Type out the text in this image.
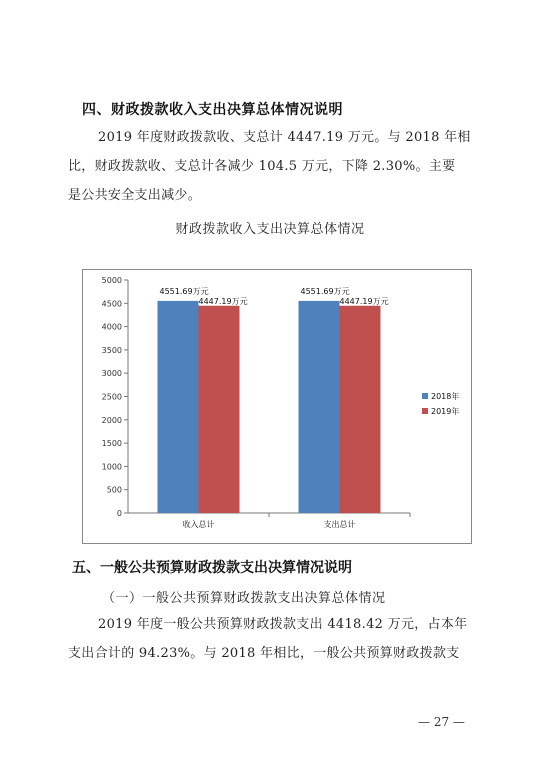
四、财政拨款收入支出决算总体情况说明
2019 年度财政拨款收、支总计 4447.19 万元。与 2018 年相
比，财政拨款收、支总计各减少 104.5 万元，下降 2.30%。主要
是公共安全支出减少。
财政拨款收入支出决算总体情况
0
500
1000
1500
2000
2500
3000
3500
4000
4500
5000
4551.69万元
4447.19万元
收入总计
4551.69万元
4447.19万元
支出总计
2018年
2019年
五、一般公共预算财政拨款支出决算情况说明
（一）一般公共预算财政拨款支出决算总体情况
2019 年度一般公共预算财政拨款支出 4418.42 万元，占本年
支出合计的 94.23%。与 2018 年相比，一般公共预算财政拨款支
— 27 —
